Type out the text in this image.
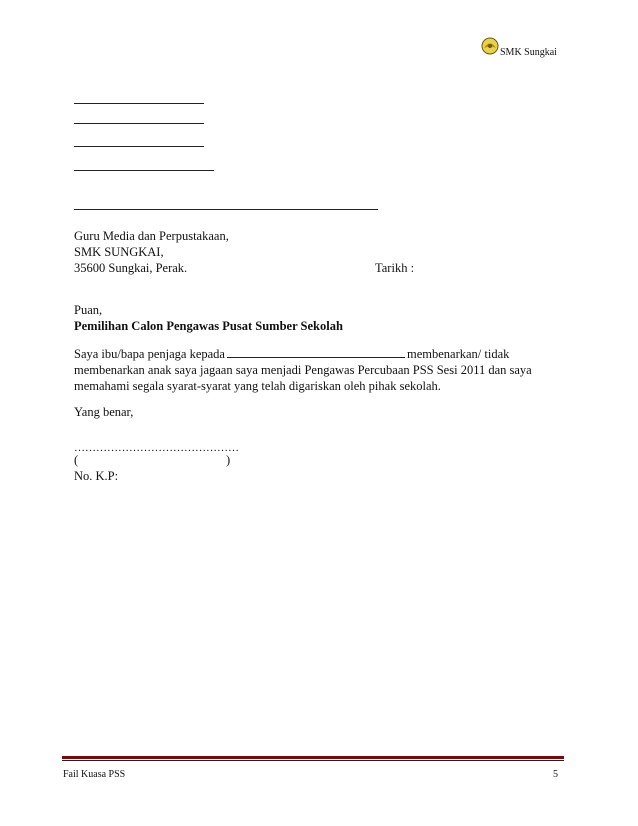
SMK Sungkai
Guru Media dan Perpustakaan,
SMK SUNGKAI,
35600 Sungkai, Perak.	Tarikh :
Puan,
Pemilihan Calon Pengawas Pusat Sumber Sekolah
Saya ibu/bapa penjaga kepada	membenarkan/ tidak
membenarkan anak saya jagaan saya menjadi Pengawas Percubaan PSS Sesi 2011 dan saya
memahami segala syarat-syarat yang telah digariskan oleh pihak sekolah.
Yang benar,
………………………………………
(	)
No. K.P:
Fail Kuasa PSS	5
